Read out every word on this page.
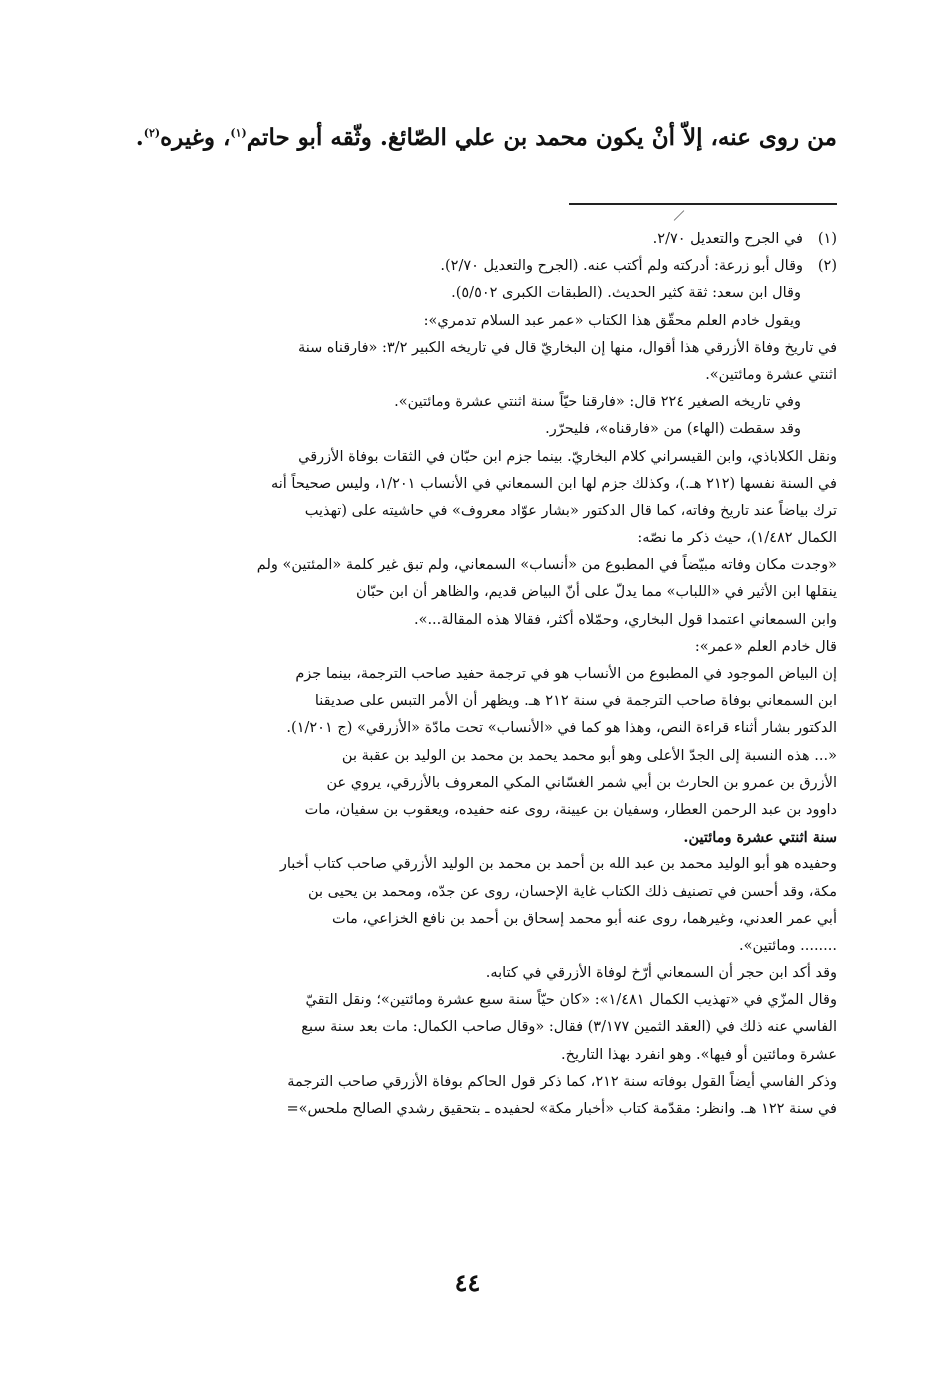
من روى عنه، إلاّ أنْ يكون محمد بن علي الصّائغ. وثّقه أبو حاتم$^{(١)}$، وغيره$^{(٢)}$.
(١)في الجرح والتعديل ٢/٧٠.
(٢)وقال أبو زرعة: أدركته ولم أكتب عنه. (الجرح والتعديل ٢/٧٠).
وقال ابن سعد: ثقة كثير الحديث. (الطبقات الكبرى ٥/٥٠٢).
ويقول خادم العلم محقّق هذا الكتاب «عمر عبد السلام تدمري»:
في تاريخ وفاة الأزرقي هذا أقوال، منها إن البخاريّ قال في تاريخه الكبير ٣/٢: «فارقناه سنة
اثنتي عشرة ومائتين».
وفي تاريخه الصغير ٢٢٤ قال: «فارقنا حيّاً سنة اثنتي عشرة ومائتين».
وقد سقطت (الهاء) من «فارقناه»، فليحرّر.
ونقل الكلاباذي، وابن القيسراني كلام البخاريّ. بينما جزم ابن حبّان في الثقات بوفاة الأزرقي
في السنة نفسها (٢١٢ هـ.)، وكذلك جزم لها ابن السمعاني في الأنساب ١/٢٠١، وليس صحيحاً أنه
ترك بياضاً عند تاريخ وفاته، كما قال الدكتور «بشار عوّاد معروف» في حاشيته على (تهذيب
الكمال ١/٤٨٢)، حيث ذكر ما نصّه:
«وجدت مكان وفاته مبيّضاً في المطبوع من «أنساب» السمعاني، ولم تبق غير كلمة «المئتين» ولم
ينقلها ابن الأثير في «اللباب» مما يدلّ على أنّ البياض قديم، والظاهر أن ابن حبّان
وابن السمعاني اعتمدا قول البخاري، وحمّلاه أكثر، فقالا هذه المقالة...».
قال خادم العلم «عمر»:
إن البياض الموجود في المطبوع من الأنساب هو في ترجمة حفيد صاحب الترجمة، بينما جزم
ابن السمعاني بوفاة صاحب الترجمة في سنة ٢١٢ هـ. ويظهر أن الأمر التبس على صديقنا
الدكتور بشار أثناء قراءة النص، وهذا هو كما في «الأنساب» تحت مادّة «الأزرقي» (ج ١/٢٠١).
«... هذه النسبة إلى الجدّ الأعلى وهو أبو محمد يحمد بن محمد بن الوليد بن عقبة بن
الأزرق بن عمرو بن الحارث بن أبي شمر الغسّاني المكي المعروف بالأزرقي، يروي عن
داوود بن عبد الرحمن العطار، وسفيان بن عيينة، روى عنه حفيده، ويعقوب بن سفيان، مات
سنة اثنتي عشرة ومائتين.
وحفيده هو أبو الوليد محمد بن عبد الله بن أحمد بن محمد بن الوليد الأزرقي صاحب كتاب أخبار
مكة، وقد أحسن في تصنيف ذلك الكتاب غاية الإحسان، روى عن جدّه، ومحمد بن يحيى بن
أبي عمر العدني، وغيرهما، روى عنه أبو محمد إسحاق بن أحمد بن نافع الخزاعي، مات
........ ومائتين».
وقد أكد ابن حجر أن السمعاني أرّخ لوفاة الأزرقي في كتابه.
وقال المزّي في «تهذيب الكمال ١/٤٨١»: «كان حيّاً سنة سبع عشرة ومائتين»؛ ونقل التقيّ
الفاسي عنه ذلك في (العقد الثمين ٣/١٧٧) فقال: «وقال صاحب الكمال: مات بعد سنة سبع
عشرة ومائتين أو فيها». وهو انفرد بهذا التاريخ.
وذكر الفاسي أيضاً القول بوفاته سنة ٢١٢، كما ذكر قول الحاكم بوفاة الأزرقي صاحب الترجمة
في سنة ١٢٢ هـ. وانظر: مقدّمة كتاب «أخبار مكة» لحفيده ـ بتحقيق رشدي الصالح ملحس»=
٤٤
